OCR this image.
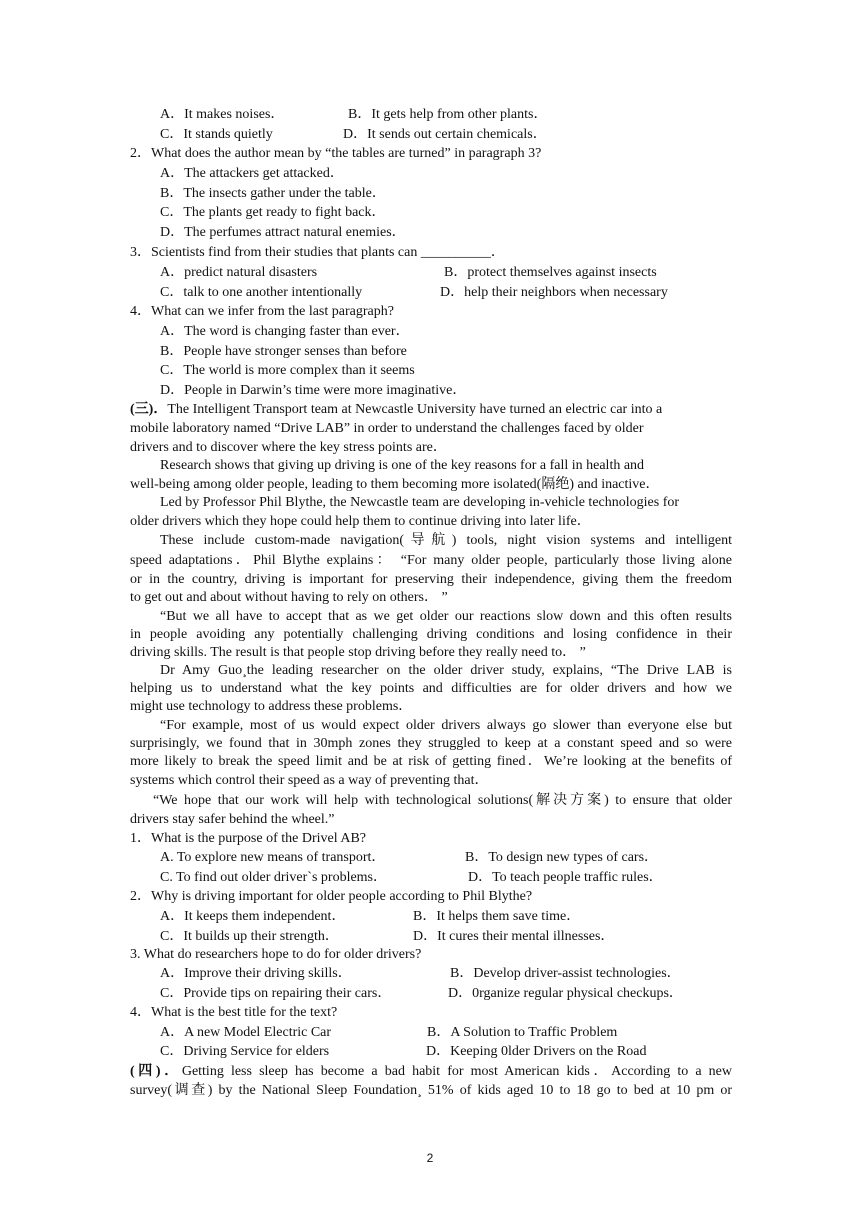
A．It makes noises．	B．It gets help from other plants．
C．It stands quietly	D．It sends out certain chemicals．
2．What does the author mean by “the tables are turned” in paragraph 3?
A．The attackers get attacked．
B．The insects gather under the table．
C．The plants get ready to fight back．
D．The perfumes attract natural enemies．
3．Scientists find from their studies that plants can __________．
A．predict natural disasters	B．protect themselves against insects
C．talk to one another intentionally	D．help their neighbors when necessary
4．What can we infer from the last paragraph?
A．The word is changing faster than ever．
B．People have stronger senses than before
C．The world is more complex than it seems
D．People in Darwin’s time were more imaginative．
(三)．The Intelligent Transport team at Newcastle University have turned an electric car into a
mobile laboratory named “Drive LAB” in order to understand the challenges faced by older
drivers and to discover where the key stress points are．
Research shows that giving up driving is one of the key reasons for a fall in health and
well-being among older people, leading to them becoming more isolated(隔绝) and inactive．
Led by Professor Phil Blythe, the Newcastle team are developing in-vehicle technologies for
older drivers which they hope could help them to continue driving into later life．
These include custom-made navigation(导航) tools, night vision systems and intelligent
speed adaptations．Phil Blythe explains： “For many older people, particularly those living alone
or in the country, driving is important for preserving their independence, giving them the freedom
to get out and about without having to rely on others． ”
“But we all have to accept that as we get older our reactions slow down and this often results
in people avoiding any potentially challenging driving conditions and losing confidence in their
driving skills. The result is that people stop driving before they really need to． ”
Dr Amy Guo¸the leading researcher on the older driver study, explains, “The Drive LAB is
helping us to understand what the key points and difficulties are for older drivers and how we
might use technology to address these problems．
“For example, most of us would expect older drivers always go slower than everyone else but
surprisingly, we found that in 30mph zones they struggled to keep at a constant speed and so were
more likely to break the speed limit and be at risk of getting fined．We’re looking at the benefits of
systems which control their speed as a way of preventing that．
“We hope that our work will help with technological solutions(解决方案) to ensure that older
drivers stay safer behind the wheel.”
1．What is the purpose of the Drivel AB?
A. To explore new means of transport．	B．To design new types of cars．
C. To find out older driver`s problems．	D．To teach people traffic rules．
2．Why is driving important for older people according to Phil Blythe?
A．It keeps them independent．	B．It helps them save time．
C．It builds up their strength．	D．It cures their mental illnesses．
3. What do researchers hope to do for older drivers?
A．Improve their driving skills．	B．Develop driver-assist technologies．
C．Provide tips on repairing their cars．	D．0rganize regular physical checkups．
4．What is the best title for the text?
A．A new Model Electric Car	B．A Solution to Traffic Problem
C．Driving Service for elders	D．Keeping 0lder Drivers on the Road
(四)．Getting less sleep has become a bad habit for most American kids．According to a new
survey(调查) by the National Sleep Foundation¸ 51% of kids aged 10 to 18 go to bed at 10 pm or
2
